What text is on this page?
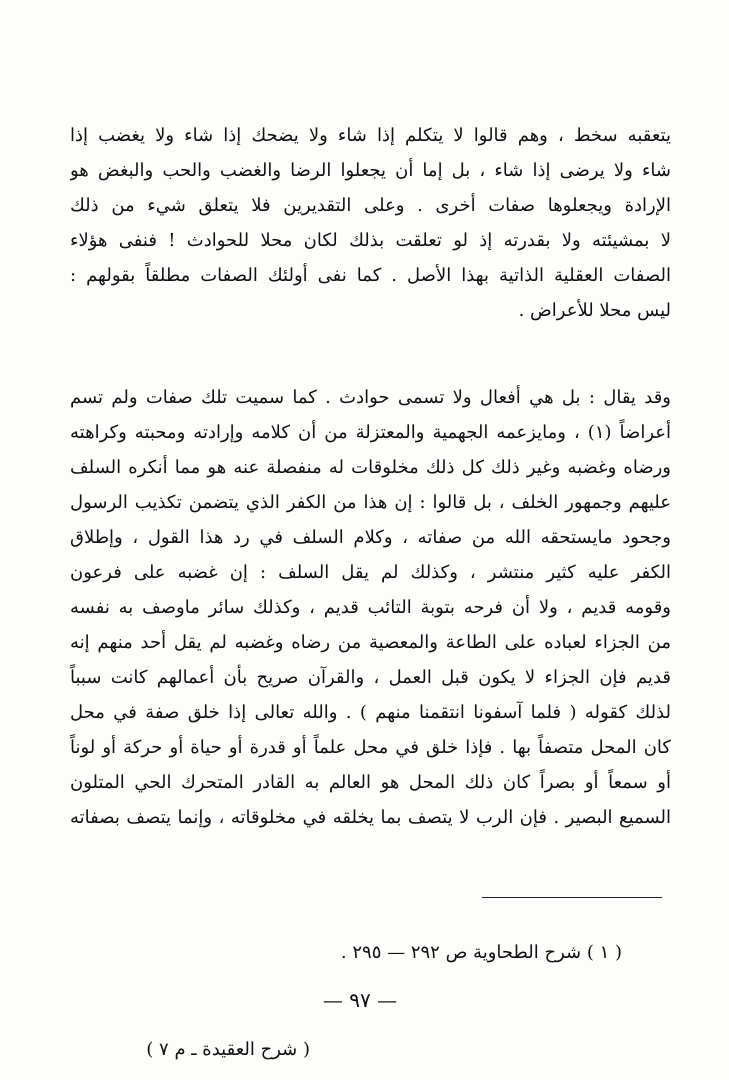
يتعقبه سخط ، وهم قالوا لا يتكلم إذا شاء ولا يضحك إذا شاء ولا يغضب إذا
شاء ولا يرضى إذا شاء ، بل إما أن يجعلوا الرضا والغضب والحب والبغض هو
الإرادة ويجعلوها صفات أخرى . وعلى التقديرين فلا يتعلق شيء من ذلك
لا بمشيئته ولا بقدرته إذ لو تعلقت بذلك لكان محلا للحوادث ! فنفى هؤلاء
الصفات العقلية الذاتية بهذا الأصل . كما نفى أولئك الصفات مطلقاً بقولهم :
ليس محلا للأعراض .
وقد يقال : بل هي أفعال ولا تسمى حوادث . كما سميت تلك صفات ولم تسم
أعراضاً (١) ، ومايزعمه الجهمية والمعتزلة من أن كلامه وإرادته ومحبته وكراهته
ورضاه وغضبه وغير ذلك كل ذلك مخلوقات له منفصلة عنه هو مما أنكره السلف
عليهم وجمهور الخلف ، بل قالوا : إن هذا من الكفر الذي يتضمن تكذيب الرسول
وجحود مايستحقه الله من صفاته ، وكلام السلف في رد هذا القول ، وإطلاق
الكفر عليه كثير منتشر ، وكذلك لم يقل السلف : إن غضبه على فرعون
وقومه قديم ، ولا أن فرحه بتوبة التائب قديم ، وكذلك سائر ماوصف به نفسه
من الجزاء لعباده على الطاعة والمعصية من رضاه وغضبه لم يقل أحد منهم إنه
قديم فإن الجزاء لا يكون قبل العمل ، والقرآن صريح بأن أعمالهم كانت سبباً
لذلك كقوله ( فلما آسفونا انتقمنا منهم ) . والله تعالى إذا خلق صفة في محل
كان المحل متصفاً بها . فإذا خلق في محل علماً أو قدرة أو حياة أو حركة أو لوناً
أو سمعاً أو بصراً كان ذلك المحل هو العالم به القادر المتحرك الحي المتلون
السميع البصير . فإن الرب لا يتصف بما يخلقه في مخلوقاته ، وإنما يتصف بصفاته
( ١ ) شرح الطحاوية ص ٢٩٢ — ٢٩٥ .
— ٩٧ —
( شرح العقيدة ـ م ٧ )
